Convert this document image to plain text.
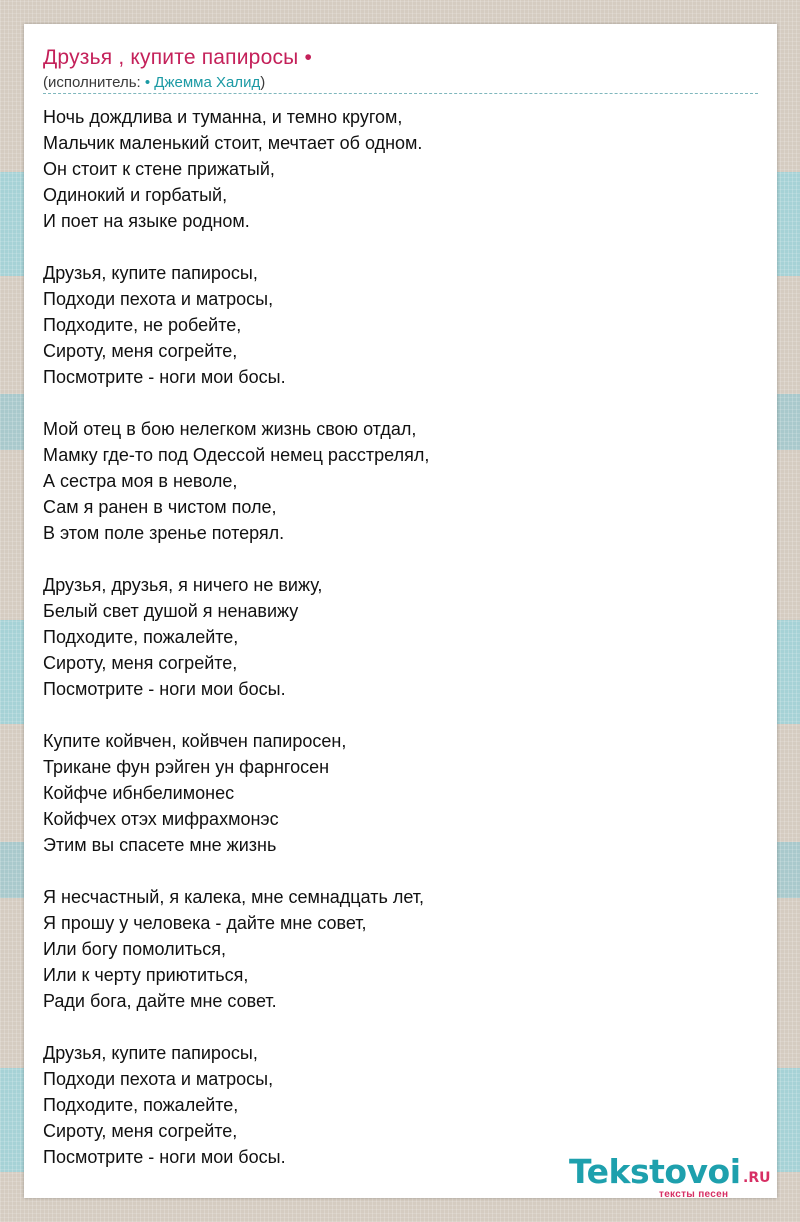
Друзья , купите папиросы •
(исполнитель: • Джемма Халид)
Ночь дождлива и туманна, и темно кругом,
Мальчик маленький стоит, мечтает об одном.
Он стоит к стене прижатый,
Одинокий и горбатый,
И поет на языке родном.
Друзья, купите папиросы,
Подходи пехота и матросы,
Подходите, не робейте,
Сироту, меня согрейте,
Посмотрите - ноги мои босы.
Мой отец в бою нелегком жизнь свою отдал,
Мамку где-то под Одессой немец расстрелял,
А сестра моя в неволе,
Сам я ранен в чистом поле,
В этом поле зренье потерял.
Друзья, друзья, я ничего не вижу,
Белый свет душой я ненавижу
Подходите, пожалейте,
Сироту, меня согрейте,
Посмотрите - ноги мои босы.
Купите койвчен, койвчен папиросен,
Трикане фун рэйген ун фарнгосен
Койфче ибнбелимонес
Койфчех отэх мифрахмонэс
Этим вы спасете мне жизнь
Я несчастный, я калека, мне семнадцать лет,
Я прошу у человека - дайте мне совет,
Или богу помолиться,
Или к черту приютиться,
Ради бога, дайте мне совет.
Друзья, купите папиросы,
Подходи пехота и матросы,
Подходите, пожалейте,
Сироту, меня согрейте,
Посмотрите - ноги мои босы.	Tekstovoi .RU
тексты песен
